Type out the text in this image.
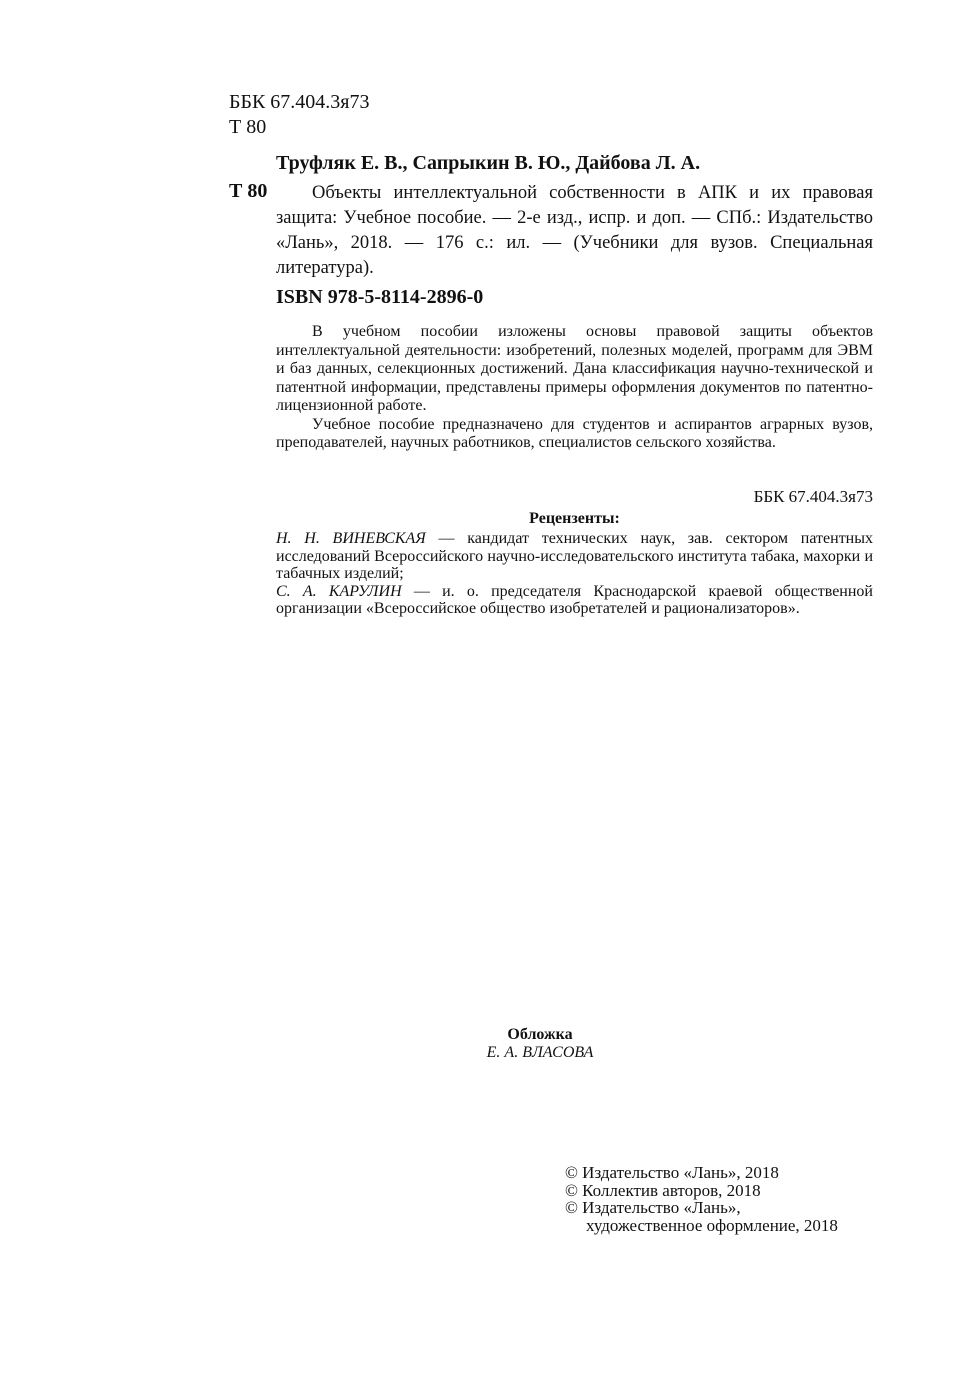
ББК 67.404.3я73
Т 80
Труфляк Е. В., Сапрыкин В. Ю., Дайбова Л. А.
Т 80	Объекты интеллектуальной собственности в АПК и их правовая защита: Учебное пособие. — 2-е изд., испр. и доп. — СПб.: Издательство «Лань», 2018. — 176 с.: ил. — (Учебники для вузов. Специальная литература).

ISBN 978-5-8114-2896-0

В учебном пособии изложены основы правовой защиты объектов интеллектуальной деятельности: изобретений, полезных моделей, программ для ЭВМ и баз данных, селекционных достижений. Дана классификация научно-технической и патентной информации, представлены примеры оформления документов по патентно-лицензионной работе.

Учебное пособие предназначено для студентов и аспирантов аграрных вузов, преподавателей, научных работников, специалистов сельского хозяйства.

ББК 67.404.3я73
Рецензенты:

Н. Н. ВИНЕВСКАЯ — кандидат технических наук, зав. сектором патентных исследований Всероссийского научно-исследовательского института табака, махорки и табачных изделий;

С. А. КАРУЛИН — и. о. председателя Краснодарской краевой общественной организации «Всероссийское общество изобретателей и рационализаторов».

Обложка
Е. А. ВЛАСОВА
© Издательство «Лань», 2018
© Коллектив авторов, 2018
© Издательство «Лань»,
художественное оформление, 2018
